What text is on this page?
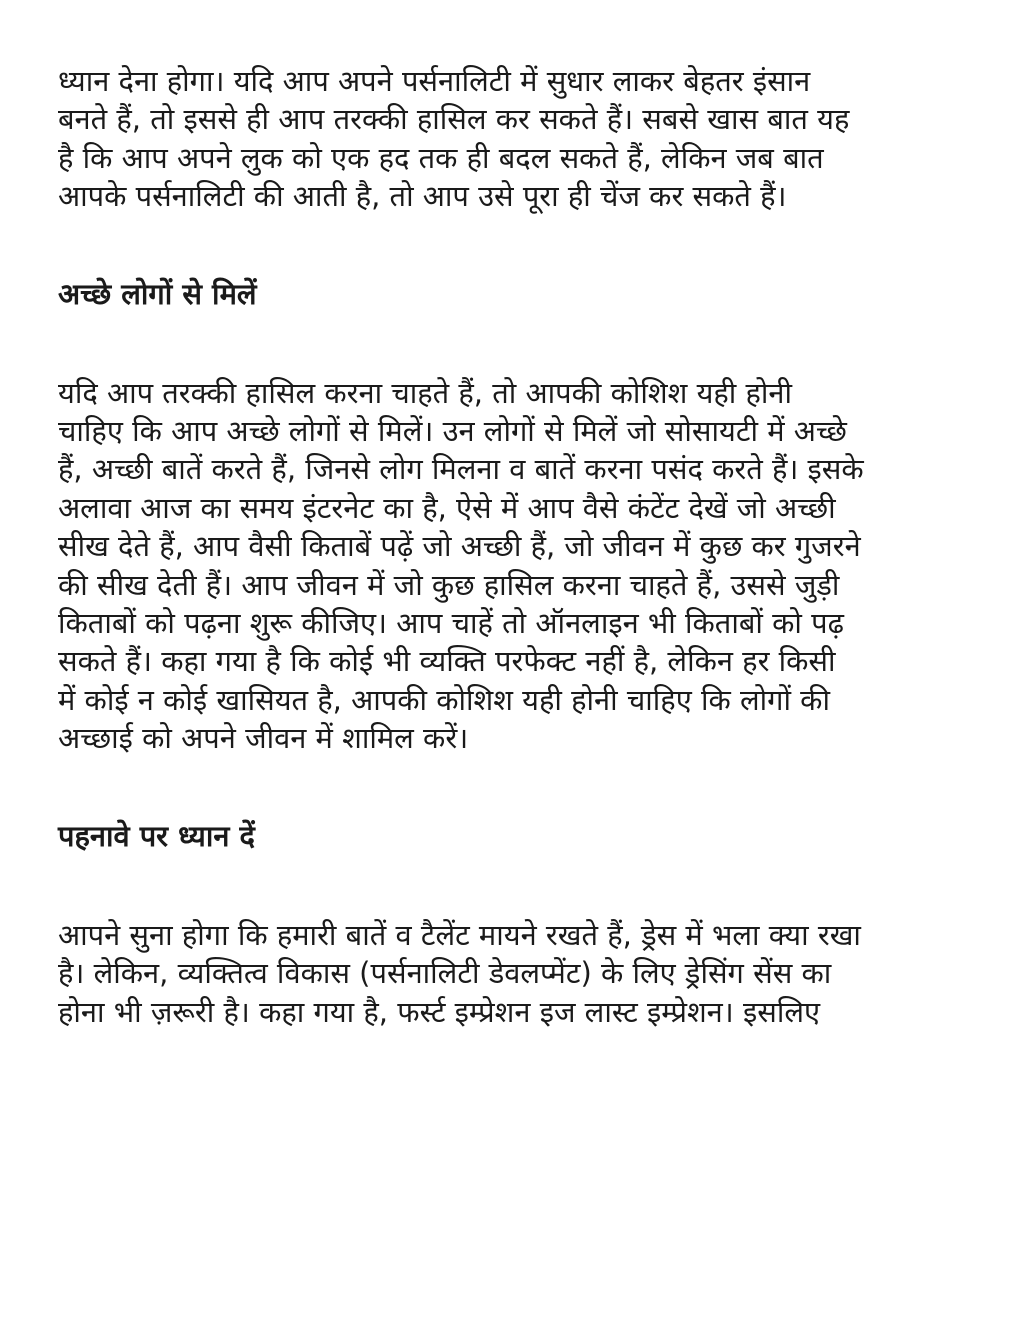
ध्यान देना होगा। यदि आप अपने पर्सनालिटी में सुधार लाकर बेहतर इंसान
बनते हैं, तो इससे ही आप तरक्की हासिल कर सकते हैं। सबसे खास बात यह
है कि आप अपने लुक को एक हद तक ही बदल सकते हैं, लेकिन जब बात
आपके पर्सनालिटी की आती है, तो आप उसे पूरा ही चेंज कर सकते हैं।

अच्छे लोगों से मिलें

यदि आप तरक्की हासिल करना चाहते हैं, तो आपकी कोशिश यही होनी
चाहिए कि आप अच्छे लोगों से मिलें। उन लोगों से मिलें जो सोसायटी में अच्छे
हैं, अच्छी बातें करते हैं, जिनसे लोग मिलना व बातें करना पसंद करते हैं। इसके
अलावा आज का समय इंटरनेट का है, ऐसे में आप वैसे कंटेंट देखें जो अच्छी
सीख देते हैं, आप वैसी किताबें पढ़ें जो अच्छी हैं, जो जीवन में कुछ कर गुजरने
की सीख देती हैं। आप जीवन में जो कुछ हासिल करना चाहते हैं, उससे जुड़ी
किताबों को पढ़ना शुरू कीजिए। आप चाहें तो ऑनलाइन भी किताबों को पढ़
सकते हैं। कहा गया है कि कोई भी व्यक्ति परफेक्ट नहीं है, लेकिन हर किसी
में कोई न कोई खासियत है, आपकी कोशिश यही होनी चाहिए कि लोगों की
अच्छाई को अपने जीवन में शामिल करें।

पहनावे पर ध्यान दें

आपने सुना होगा कि हमारी बातें व टैलेंट मायने रखते हैं, ड्रेस में भला क्या रखा
है। लेकिन, व्यक्तित्व विकास (पर्सनालिटी डेवलप्मेंट) के लिए ड्रेसिंग सेंस का
होना भी ज़रूरी है। कहा गया है, फर्स्ट इम्प्रेशन इज लास्ट इम्प्रेशन। इसलिए
